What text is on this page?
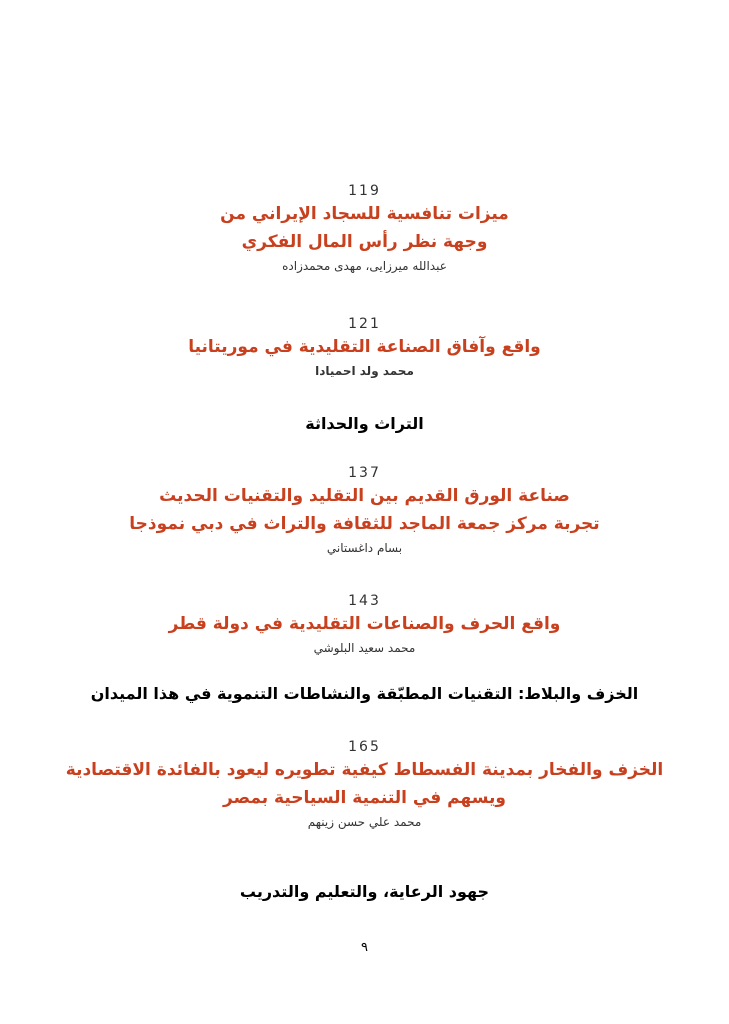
119
ميزات تنافسية للسجاد الإيراني من
وجهة نظر رأس المال الفكري
عبدالله ميرزايى، مهدى محمدزاده
121
واقع وآفاق الصناعة التقليدية في موريتانيا
محمد ولد احميادا
التراث والحداثة
137
صناعة الورق القديم بين التقليد والتقنيات الحديث
تجربة مركز جمعة الماجد للثقافة والتراث في دبي نموذجا
بسام داغستاني
143
واقع الحرف والصناعات التقليدية في دولة قطر
محمد سعيد البلوشي
الخزف والبلاط: التقنيات المطبّقة والنشاطات التنموية في هذا الميدان
165
الخزف والفخار بمدينة الفسطاط كيفية تطويره ليعود بالفائدة الاقتصادية
ويسهم في التنمية السياحية بمصر
محمد علي حسن زينهم
جهود الرعاية، والتعليم والتدريب
٩
